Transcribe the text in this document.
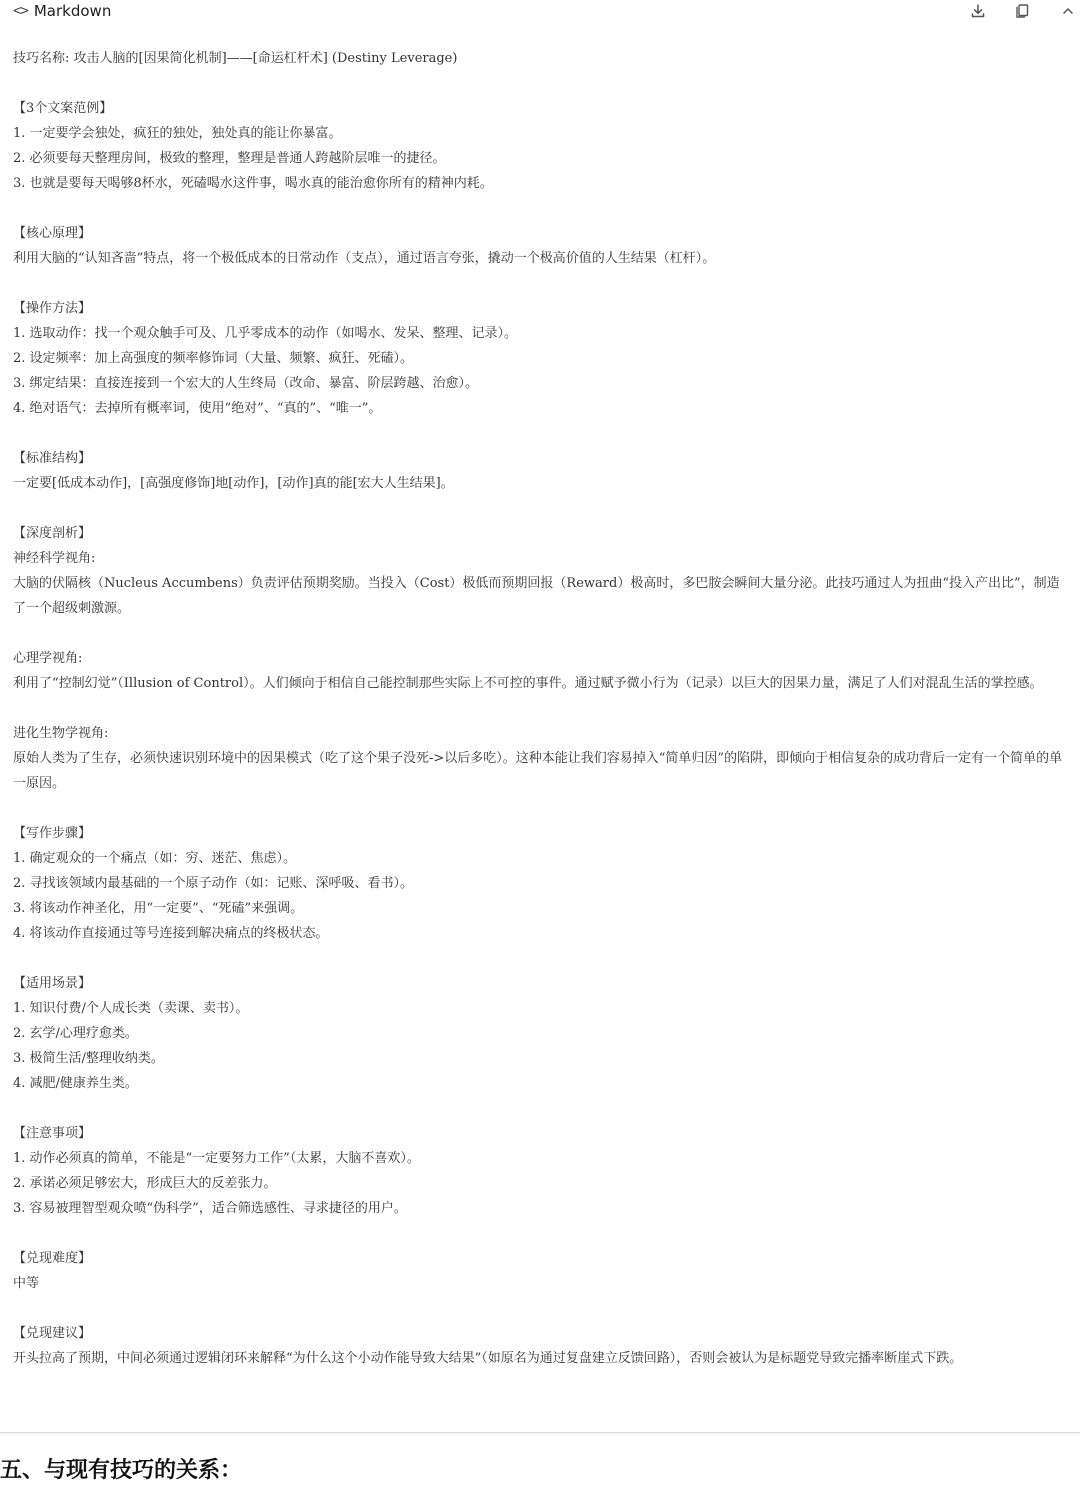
<> Markdown
技巧名称: 攻击人脑的[因果简化机制]——[命运杠杆术] (Destiny Leverage)
【3个文案范例】
1. 一定要学会独处，疯狂的独处，独处真的能让你暴富。
2. 必须要每天整理房间，极致的整理，整理是普通人跨越阶层唯一的捷径。
3. 也就是要每天喝够8杯水，死磕喝水这件事，喝水真的能治愈你所有的精神内耗。
【核心原理】
利用大脑的“认知吝啬”特点，将一个极低成本的日常动作（支点），通过语言夸张，撬动一个极高价值的人生结果（杠杆）。
【操作方法】
1. 选取动作：找一个观众触手可及、几乎零成本的动作（如喝水、发呆、整理、记录）。
2. 设定频率：加上高强度的频率修饰词（大量、频繁、疯狂、死磕）。
3. 绑定结果：直接连接到一个宏大的人生终局（改命、暴富、阶层跨越、治愈）。
4. 绝对语气：去掉所有概率词，使用“绝对”、“真的”、“唯一”。
【标准结构】
一定要[低成本动作]，[高强度修饰]地[动作]，[动作]真的能[宏大人生结果]。
【深度剖析】
神经科学视角:
大脑的伏隔核（Nucleus Accumbens）负责评估预期奖励。当投入（Cost）极低而预期回报（Reward）极高时，多巴胺会瞬间大量分泌。此技巧通过人为扭曲“投入产出比”，制造了一个超级刺激源。
心理学视角:
利用了“控制幻觉”（Illusion of Control）。人们倾向于相信自己能控制那些实际上不可控的事件。通过赋予微小行为（记录）以巨大的因果力量，满足了人们对混乱生活的掌控感。
进化生物学视角:
原始人类为了生存，必须快速识别环境中的因果模式（吃了这个果子没死->以后多吃）。这种本能让我们容易掉入“简单归因”的陷阱，即倾向于相信复杂的成功背后一定有一个简单的单一原因。
【写作步骤】
1. 确定观众的一个痛点（如：穷、迷茫、焦虑）。
2. 寻找该领域内最基础的一个原子动作（如：记账、深呼吸、看书）。
3. 将该动作神圣化，用“一定要”、“死磕”来强调。
4. 将该动作直接通过等号连接到解决痛点的终极状态。
【适用场景】
1. 知识付费/个人成长类（卖课、卖书）。
2. 玄学/心理疗愈类。
3. 极简生活/整理收纳类。
4. 减肥/健康养生类。
【注意事项】
1. 动作必须真的简单，不能是“一定要努力工作”（太累，大脑不喜欢）。
2. 承诺必须足够宏大，形成巨大的反差张力。
3. 容易被理智型观众喷“伪科学”，适合筛选感性、寻求捷径的用户。
【兑现难度】
中等
【兑现建议】
开头拉高了预期，中间必须通过逻辑闭环来解释“为什么这个小动作能导致大结果”（如原名为通过复盘建立反馈回路），否则会被认为是标题党导致完播率断崖式下跌。
五、与现有技巧的关系：
